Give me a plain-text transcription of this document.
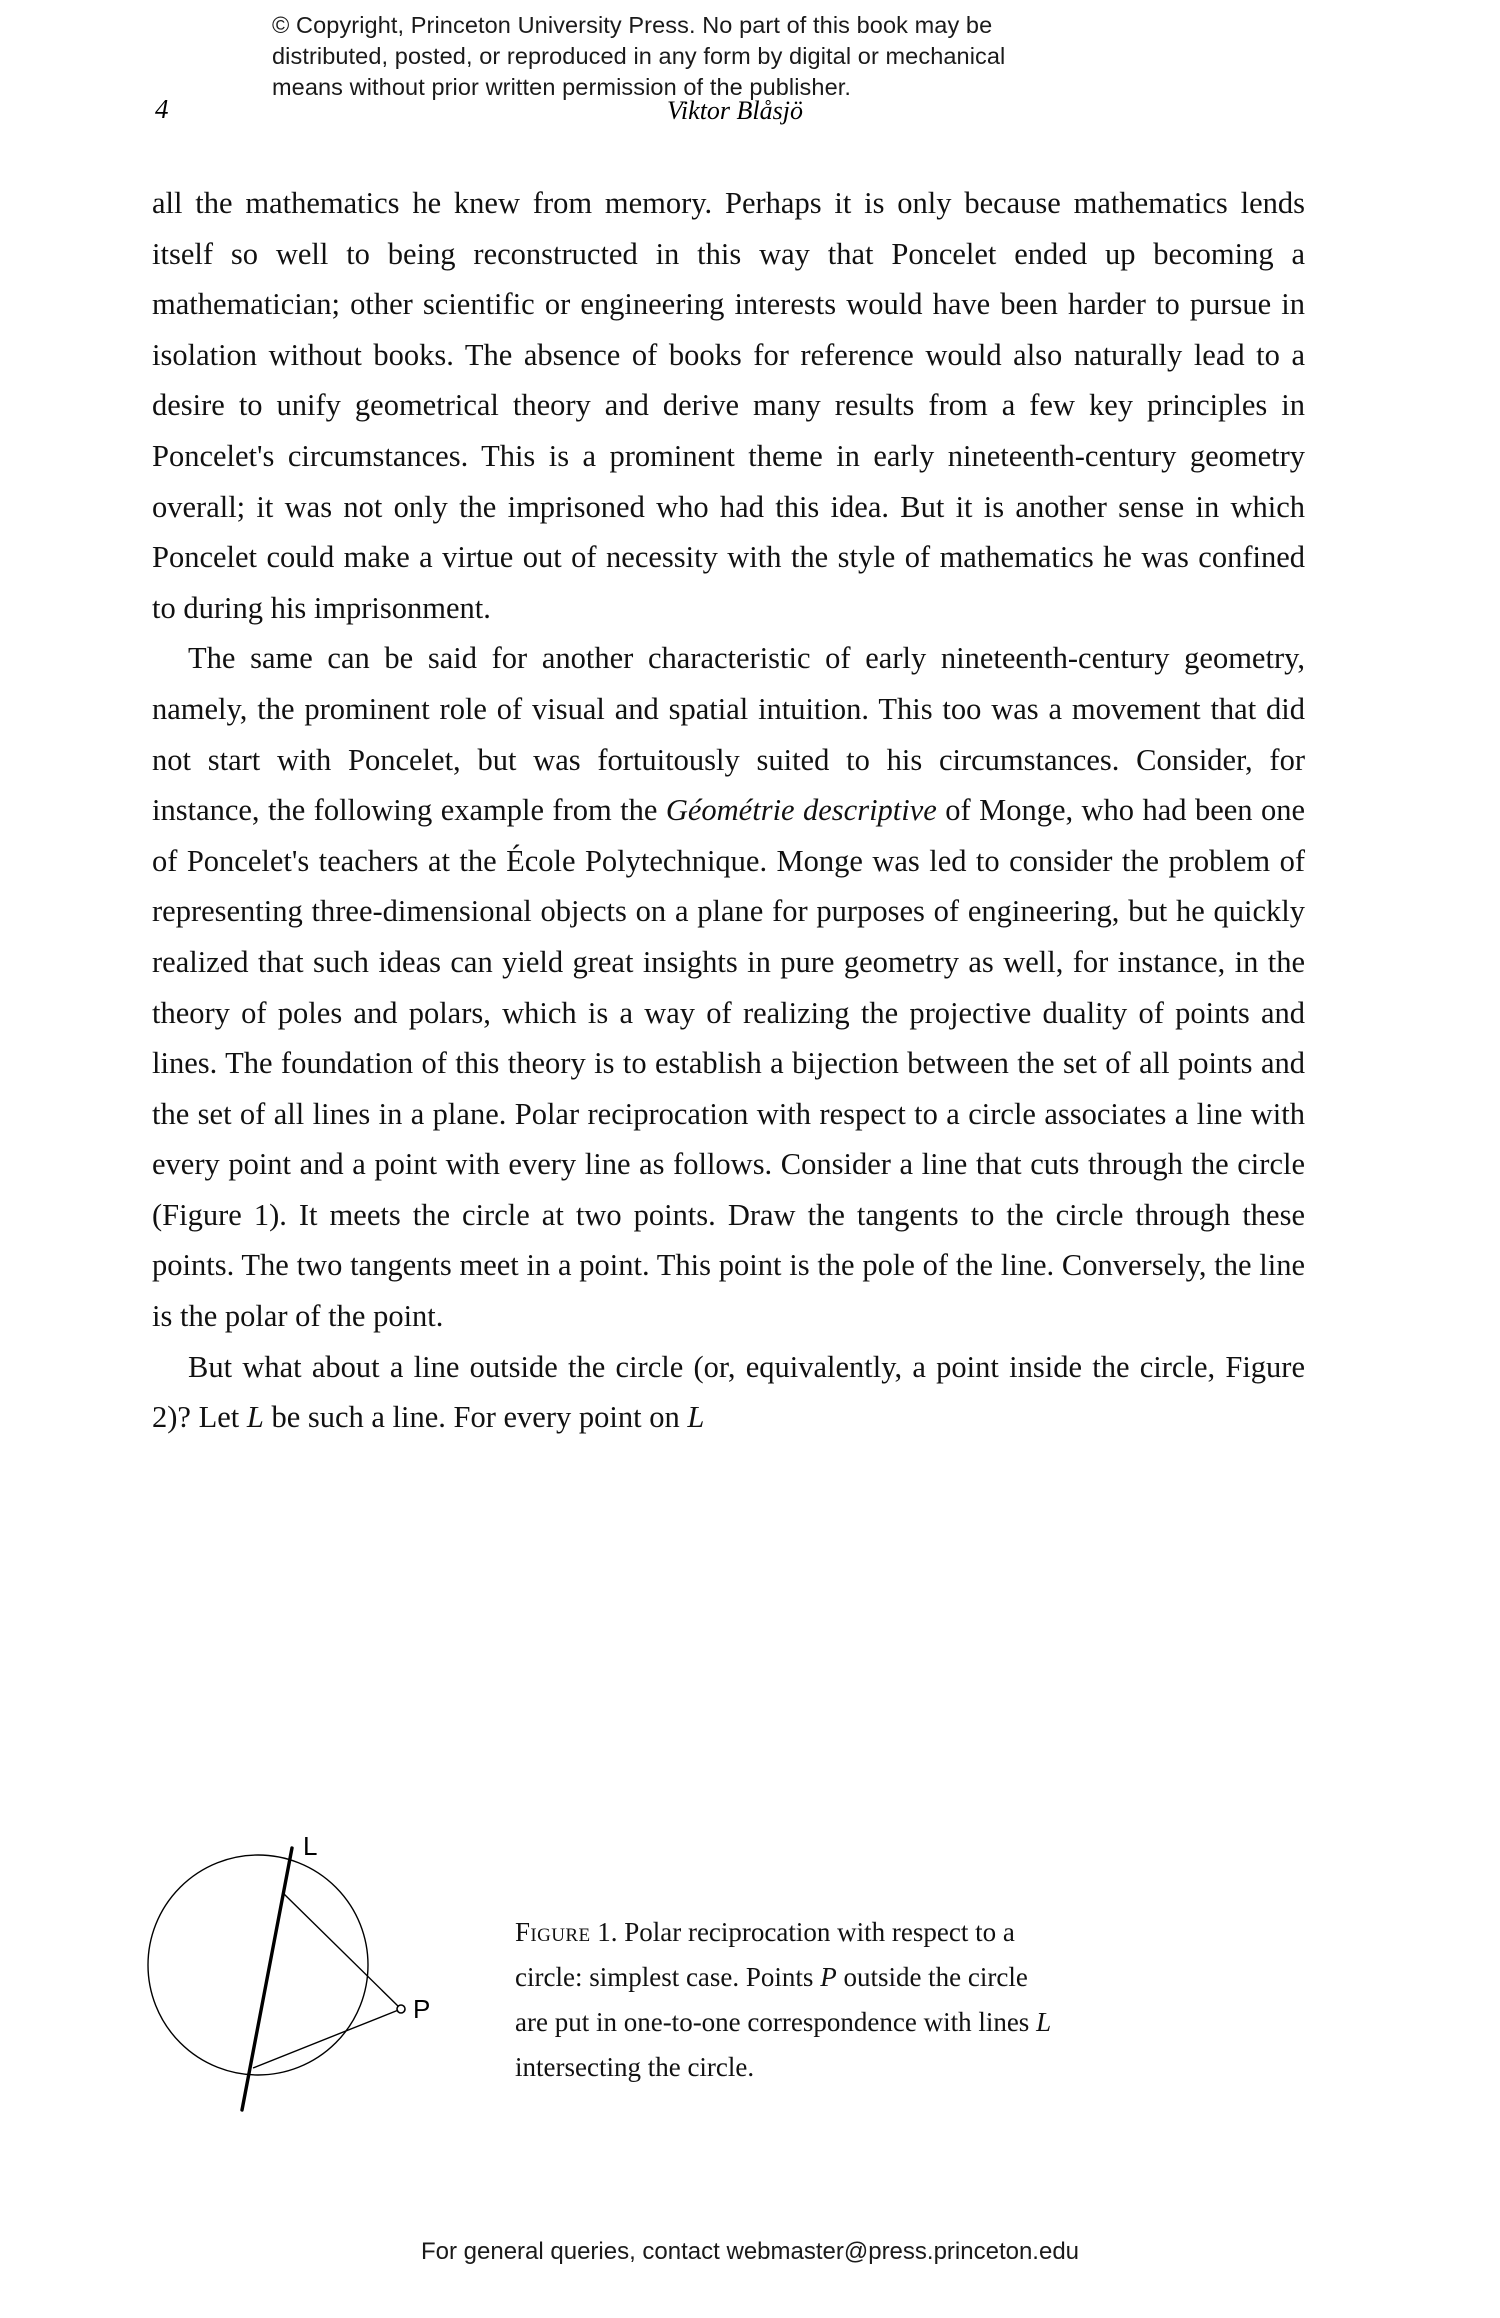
© Copyright, Princeton University Press. No part of this book may be
distributed, posted, or reproduced in any form by digital or mechanical
means without prior written permission of the publisher.
4	Viktor Blåsjö

all the mathematics he knew from memory. Perhaps it is only because mathematics lends itself so well to being reconstructed in this way that Poncelet ended up becoming a mathematician; other scientific or engineering interests would have been harder to pursue in isolation without books. The absence of books for reference would also naturally lead to a desire to unify geometrical theory and derive many results from a few key principles in Poncelet's circumstances. This is a prominent theme in early nineteenth-century geometry overall; it was not only the imprisoned who had this idea. But it is another sense in which Poncelet could make a virtue out of necessity with the style of mathematics he was confined to during his imprisonment.

The same can be said for another characteristic of early nineteenth-century geometry, namely, the prominent role of visual and spatial intuition. This too was a movement that did not start with Poncelet, but was fortuitously suited to his circumstances. Consider, for instance, the following example from the Géométrie descriptive of Monge, who had been one of Poncelet's teachers at the École Polytechnique. Monge was led to consider the problem of representing three-dimensional objects on a plane for purposes of engineering, but he quickly realized that such ideas can yield great insights in pure geometry as well, for instance, in the theory of poles and polars, which is a way of realizing the projective duality of points and lines. The foundation of this theory is to establish a bijection between the set of all points and the set of all lines in a plane. Polar reciprocation with respect to a circle associates a line with every point and a point with every line as follows. Consider a line that cuts through the circle (Figure 1). It meets the circle at two points. Draw the tangents to the circle through these points. The two tangents meet in a point. This point is the pole of the line. Conversely, the line is the polar of the point.

But what about a line outside the circle (or, equivalently, a point inside the circle, Figure 2)? Let L be such a line. For every point on L

L
P
Figure 1. Polar reciprocation with respect to a circle: simplest case. Points P outside the circle are put in one-to-one correspondence with lines L intersecting the circle.
For general queries, contact webmaster@press.princeton.edu
